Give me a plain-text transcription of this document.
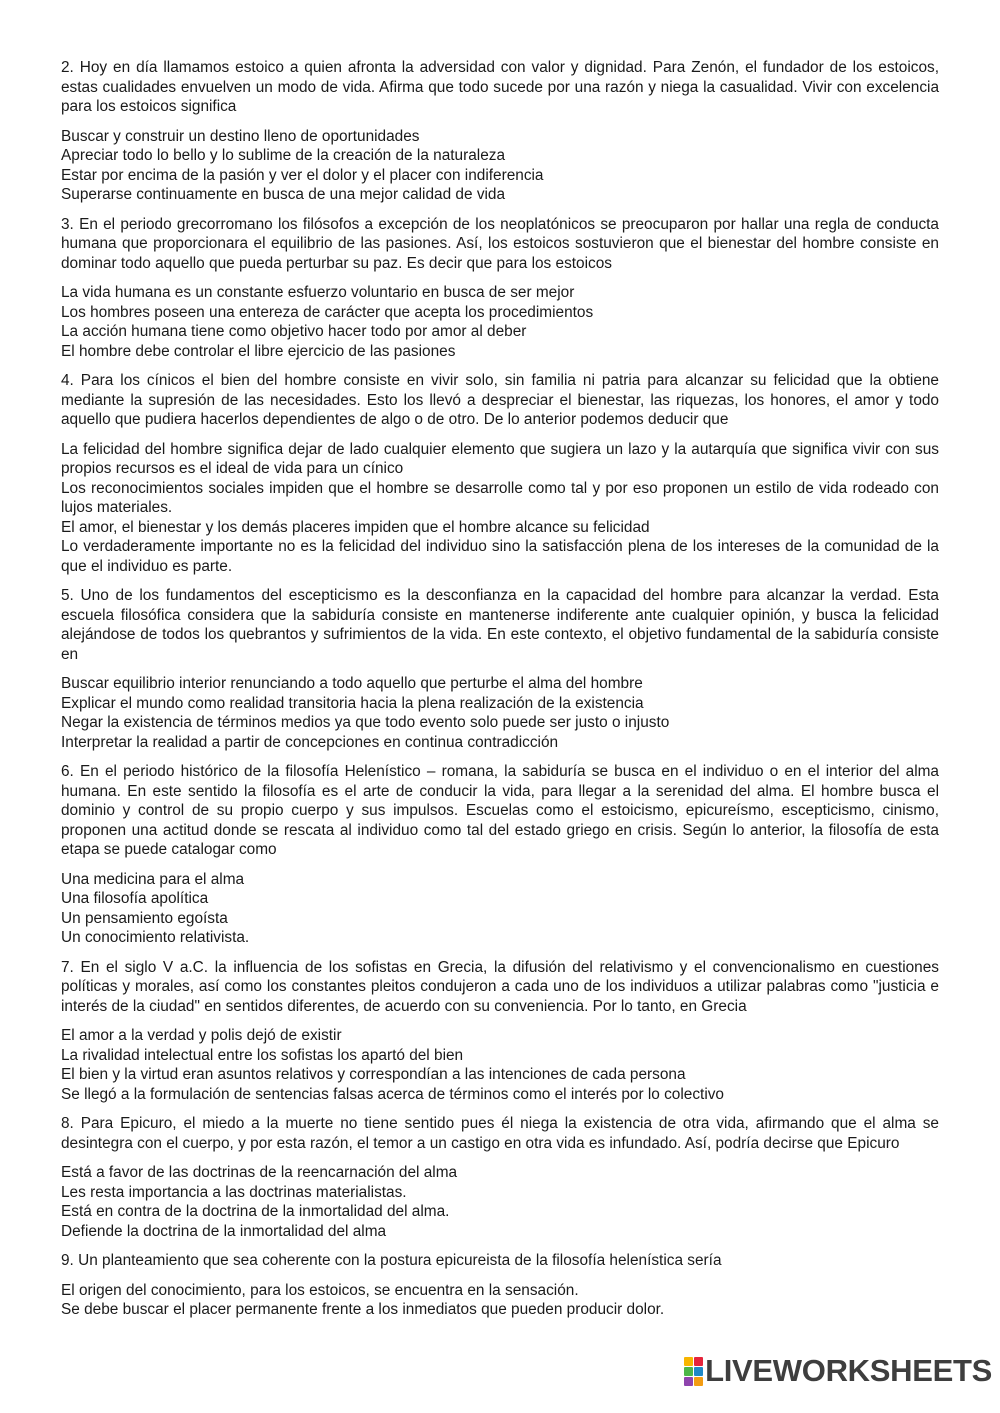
2. Hoy en día llamamos estoico a quien afronta la adversidad con valor y dignidad. Para Zenón, el fundador de los estoicos, estas cualidades envuelven un modo de vida. Afirma que todo sucede por una razón y niega la casualidad. Vivir con excelencia para los estoicos significa

Buscar y construir un destino lleno de oportunidades
Apreciar todo lo bello y lo sublime de la creación de la naturaleza
Estar por encima de la pasión y ver el dolor y el placer con indiferencia
Superarse continuamente en busca de una mejor calidad de vida

3. En el periodo grecorromano los filósofos a excepción de los neoplatónicos se preocuparon por hallar una regla de conducta humana que proporcionara el equilibrio de las pasiones. Así, los estoicos sostuvieron que el bienestar del hombre consiste en dominar todo aquello que pueda perturbar su paz. Es decir que para los estoicos

La vida humana es un constante esfuerzo voluntario en busca de ser mejor
Los hombres poseen una entereza de carácter que acepta los procedimientos
La acción humana tiene como objetivo hacer todo por amor al deber
El hombre debe controlar el libre ejercicio de las pasiones

4. Para los cínicos el bien del hombre consiste en vivir solo, sin familia ni patria para alcanzar su felicidad que la obtiene mediante la supresión de las necesidades. Esto los llevó a despreciar el bienestar, las riquezas, los honores, el amor y todo aquello que pudiera hacerlos dependientes de algo o de otro. De lo anterior podemos deducir que

La felicidad del hombre significa dejar de lado cualquier elemento que sugiera un lazo y la autarquía que significa vivir con sus propios recursos es el ideal de vida para un cínico
Los reconocimientos sociales impiden que el hombre se desarrolle como tal y por eso proponen un estilo de vida rodeado con lujos materiales.
El amor, el bienestar y los demás placeres impiden que el hombre alcance su felicidad
Lo verdaderamente importante no es la felicidad del individuo sino la satisfacción plena de los intereses de la comunidad de la que el individuo es parte.

5. Uno de los fundamentos del escepticismo es la desconfianza en la capacidad del hombre para alcanzar la verdad. Esta escuela filosófica considera que la sabiduría consiste en mantenerse indiferente ante cualquier opinión, y busca la felicidad alejándose de todos los quebrantos y sufrimientos de la vida. En este contexto, el objetivo fundamental de la sabiduría consiste en

Buscar equilibrio interior renunciando a todo aquello que perturbe el alma del hombre
Explicar el mundo como realidad transitoria hacia la plena realización de la existencia
Negar la existencia de términos medios ya que todo evento solo puede ser justo o injusto
Interpretar la realidad a partir de concepciones en continua contradicción

6. En el periodo histórico de la filosofía Helenístico – romana, la sabiduría se busca en el individuo o en el interior del alma humana. En este sentido la filosofía es el arte de conducir la vida, para llegar a la serenidad del alma. El hombre busca el dominio y control de su propio cuerpo y sus impulsos. Escuelas como el estoicismo, epicureísmo, escepticismo, cinismo, proponen una actitud donde se rescata al individuo como tal del estado griego en crisis. Según lo anterior, la filosofía de esta etapa se puede catalogar como

Una medicina para el alma
Una filosofía apolítica
Un pensamiento egoísta
Un conocimiento relativista.

7. En el siglo V a.C. la influencia de los sofistas en Grecia, la difusión del relativismo y el convencionalismo en cuestiones políticas y morales, así como los constantes pleitos condujeron a cada uno de los individuos a utilizar palabras como "justicia e interés de la ciudad" en sentidos diferentes, de acuerdo con su conveniencia. Por lo tanto, en Grecia

El amor a la verdad y polis dejó de existir
La rivalidad intelectual entre los sofistas los apartó del bien
El bien y la virtud eran asuntos relativos y correspondían a las intenciones de cada persona
Se llegó a la formulación de sentencias falsas acerca de términos como el interés por lo colectivo

8. Para Epicuro, el miedo a la muerte no tiene sentido pues él niega la existencia de otra vida, afirmando que el alma se desintegra con el cuerpo, y por esta razón, el temor a un castigo en otra vida es infundado. Así, podría decirse que Epicuro

Está a favor de las doctrinas de la reencarnación del alma
Les resta importancia a las doctrinas materialistas.
Está en contra de la doctrina de la inmortalidad del alma.
Defiende la doctrina de la inmortalidad del alma

9. Un planteamiento que sea coherente con la postura epicureista de la filosofía helenística sería

El origen del conocimiento, para los estoicos, se encuentra en la sensación.
Se debe buscar el placer permanente frente a los inmediatos que pueden producir dolor.
LIVEWORKSHEETS
